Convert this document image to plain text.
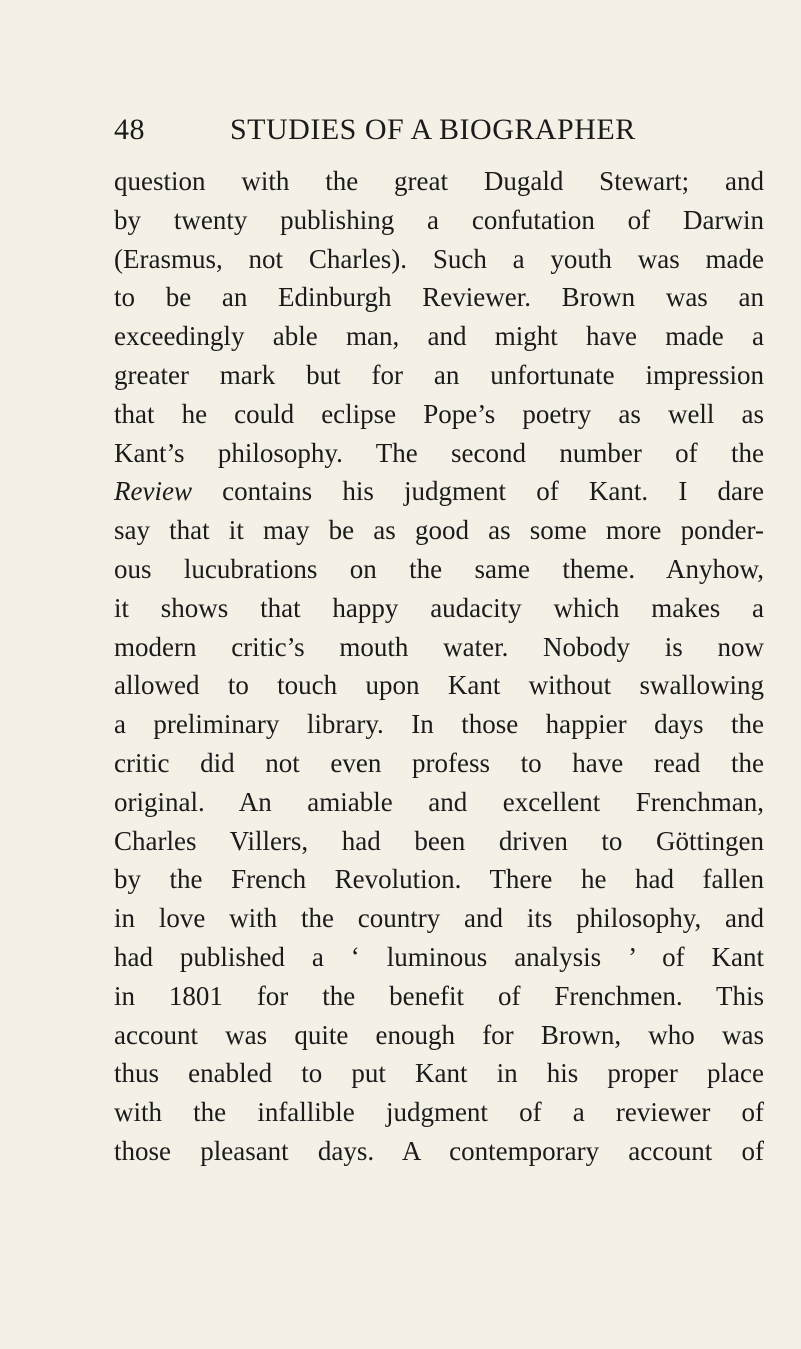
48	STUDIES OF A BIOGRAPHER
question with the great Dugald Stewart; and
by twenty publishing a confutation of Darwin
(Erasmus, not Charles). Such a youth was made
to be an Edinburgh Reviewer. Brown was an
exceedingly able man, and might have made a
greater mark but for an unfortunate impression
that he could eclipse Pope’s poetry as well as
Kant’s philosophy. The second number of the
Review contains his judgment of Kant. I dare
say that it may be as good as some more ponder-
ous lucubrations on the same theme. Anyhow,
it shows that happy audacity which makes a
modern critic’s mouth water. Nobody is now
allowed to touch upon Kant without swallowing
a preliminary library. In those happier days the
critic did not even profess to have read the
original. An amiable and excellent Frenchman,
Charles Villers, had been driven to Göttingen
by the French Revolution. There he had fallen
in love with the country and its philosophy, and
had published a ‘ luminous analysis ’ of Kant
in 1801 for the benefit of Frenchmen. This
account was quite enough for Brown, who was
thus enabled to put Kant in his proper place
with the infallible judgment of a reviewer of
those pleasant days. A contemporary account of
